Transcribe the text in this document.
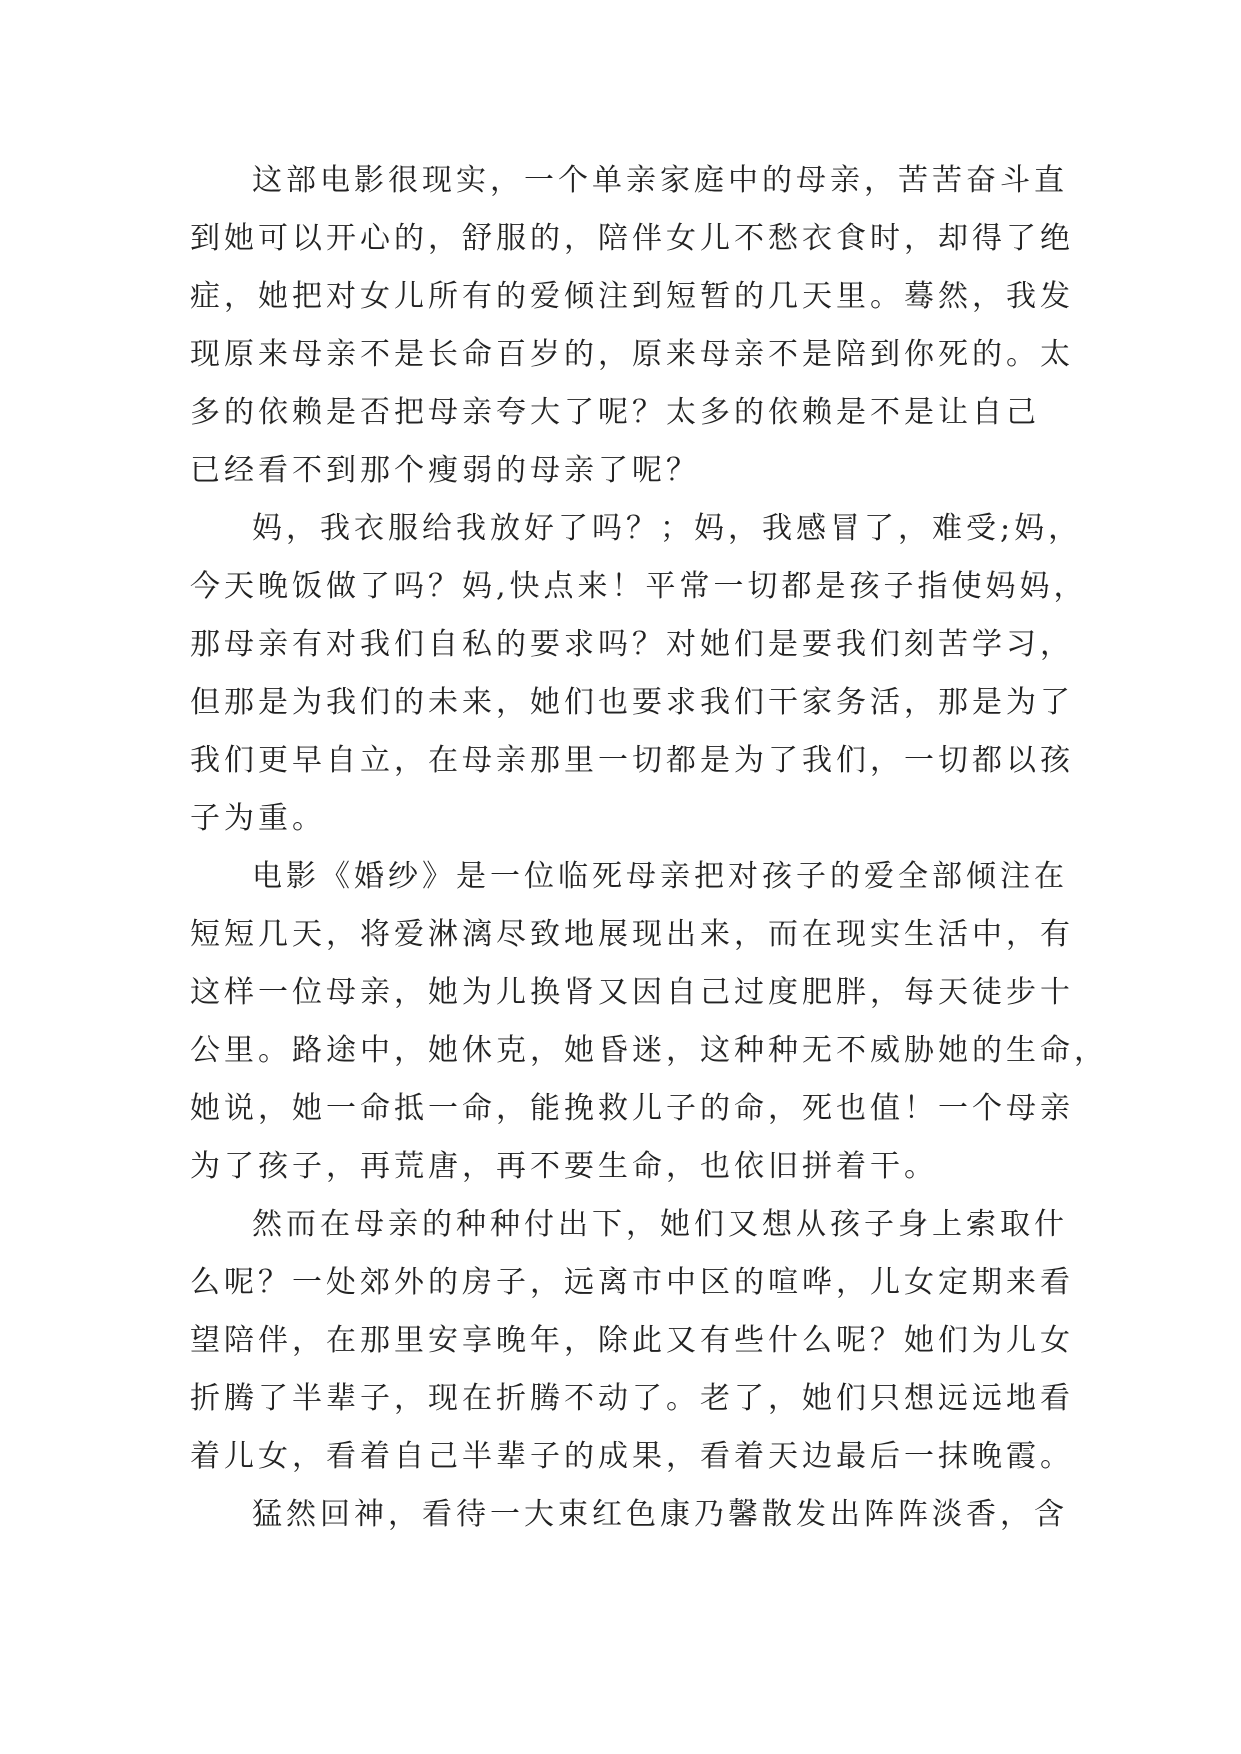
这部电影很现实，一个单亲家庭中的母亲，苦苦奋斗直
到她可以开心的，舒服的，陪伴女儿不愁衣食时，却得了绝
症，她把对女儿所有的爱倾注到短暂的几天里。蓦然，我发
现原来母亲不是长命百岁的，原来母亲不是陪到你死的。太
多的依赖是否把母亲夸大了呢？太多的依赖是不是让自己
已经看不到那个瘦弱的母亲了呢？
妈，我衣服给我放好了吗？；妈，我感冒了，难受;妈，
今天晚饭做了吗？妈,快点来！平常一切都是孩子指使妈妈，
那母亲有对我们自私的要求吗？对她们是要我们刻苦学习，
但那是为我们的未来，她们也要求我们干家务活，那是为了
我们更早自立，在母亲那里一切都是为了我们，一切都以孩
子为重。
电影《婚纱》是一位临死母亲把对孩子的爱全部倾注在
短短几天，将爱淋漓尽致地展现出来，而在现实生活中，有
这样一位母亲，她为儿换肾又因自己过度肥胖，每天徒步十
公里。路途中，她休克，她昏迷，这种种无不威胁她的生命，
她说，她一命抵一命，能挽救儿子的命，死也值！一个母亲
为了孩子，再荒唐，再不要生命，也依旧拼着干。
然而在母亲的种种付出下，她们又想从孩子身上索取什
么呢？一处郊外的房子，远离市中区的喧哗，儿女定期来看
望陪伴，在那里安享晚年，除此又有些什么呢？她们为儿女
折腾了半辈子，现在折腾不动了。老了，她们只想远远地看
着儿女，看着自己半辈子的成果，看着天边最后一抹晚霞。
猛然回神，看待一大束红色康乃馨散发出阵阵淡香，含
